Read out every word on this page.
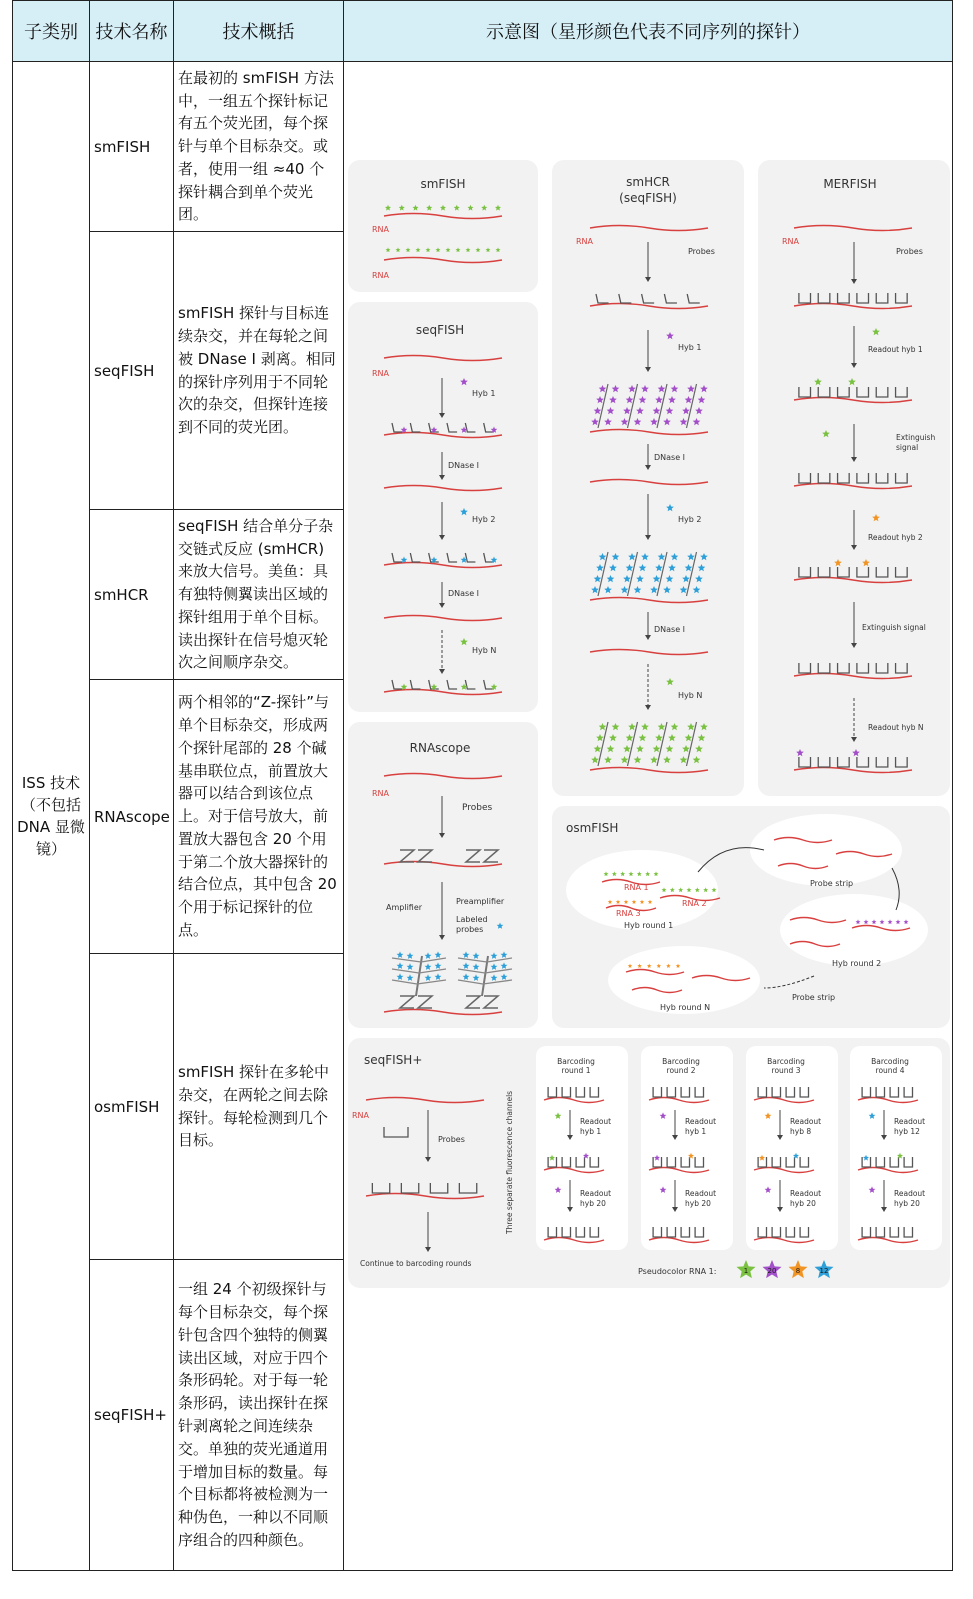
子类别	技术名称	技术概括	示意图（星形颜色代表不同序列的探针）

ISS 技术（不包括 DNA 显微镜）	smFISH	在最初的 smFISH 方法中，一组五个探针标记有五个荧光团，每个探针与单个目标杂交。或者，使用一组 ≈40 个探针耦合到单个荧光团。	
	seqFISH	smFISH 探针与目标连续杂交，并在每轮之间被 DNase I 剥离。相同的探针序列用于不同轮次的杂交，但探针连接到不同的荧光团。	
	smHCR	seqFISH 结合单分子杂交链式反应 (smHCR) 来放大信号。美鱼：具有独特侧翼读出区域的探针组用于单个目标。读出探针在信号熄灭轮次之间顺序杂交。	
	RNAscope	两个相邻的“Z-探针”与单个目标杂交，形成两个探针尾部的 28 个碱基串联位点，前置放大器可以结合到该位点上。对于信号放大，前置放大器包含 20 个用于第二个放大器探针的结合位点，其中包含 20 个用于标记探针的位点。	
	osmFISH	smFISH 探针在多轮中杂交，在两轮之间去除探针。每轮检测到几个目标。	
	seqFISH+	一组 24 个初级探针与每个目标杂交，每个探针包含四个独特的侧翼读出区域，对应于四个条形码轮。对于每一轮条形码，读出探针在探针剥离轮之间连续杂交。单独的荧光通道用于增加目标的数量。每个目标都将被检测为一种伪色，一种以不同顺序组合的四种颜色。	
smFISH
RNA
RNA
seqFISH
RNA
Hyb 1
DNase I
Hyb 2
DNase I
Hyb N
RNAscope
RNA
Probes
Amplifier
Preamplifier
Labeled
probes
smHCR
(seqFISH)
RNA
Probes
Hyb 1
DNase I
Hyb 2
DNase I
Hyb N
MERFISH
RNA
Probes
Readout hyb 1
Extinguish
signal
Readout hyb 2
Extinguish signal
Readout hyb N
osmFISH
RNA 1
RNA 2
RNA 3
Hyb round 1
Probe strip
Hyb round 2
Hyb round N
Probe strip
seqFISH+
RNA
Probes
Continue to barcoding rounds
Three separate fluorescence channels
Barcoding
round 1
Readout
hyb 1
Readout
hyb 20
Barcoding
round 2
Readout
hyb 1
Readout
hyb 20
Barcoding
round 3
Readout
hyb 8
Readout
hyb 20
Barcoding
round 4
Readout
hyb 12
Readout
hyb 20
Pseudocolor RNA 1:	1	20	8	12
